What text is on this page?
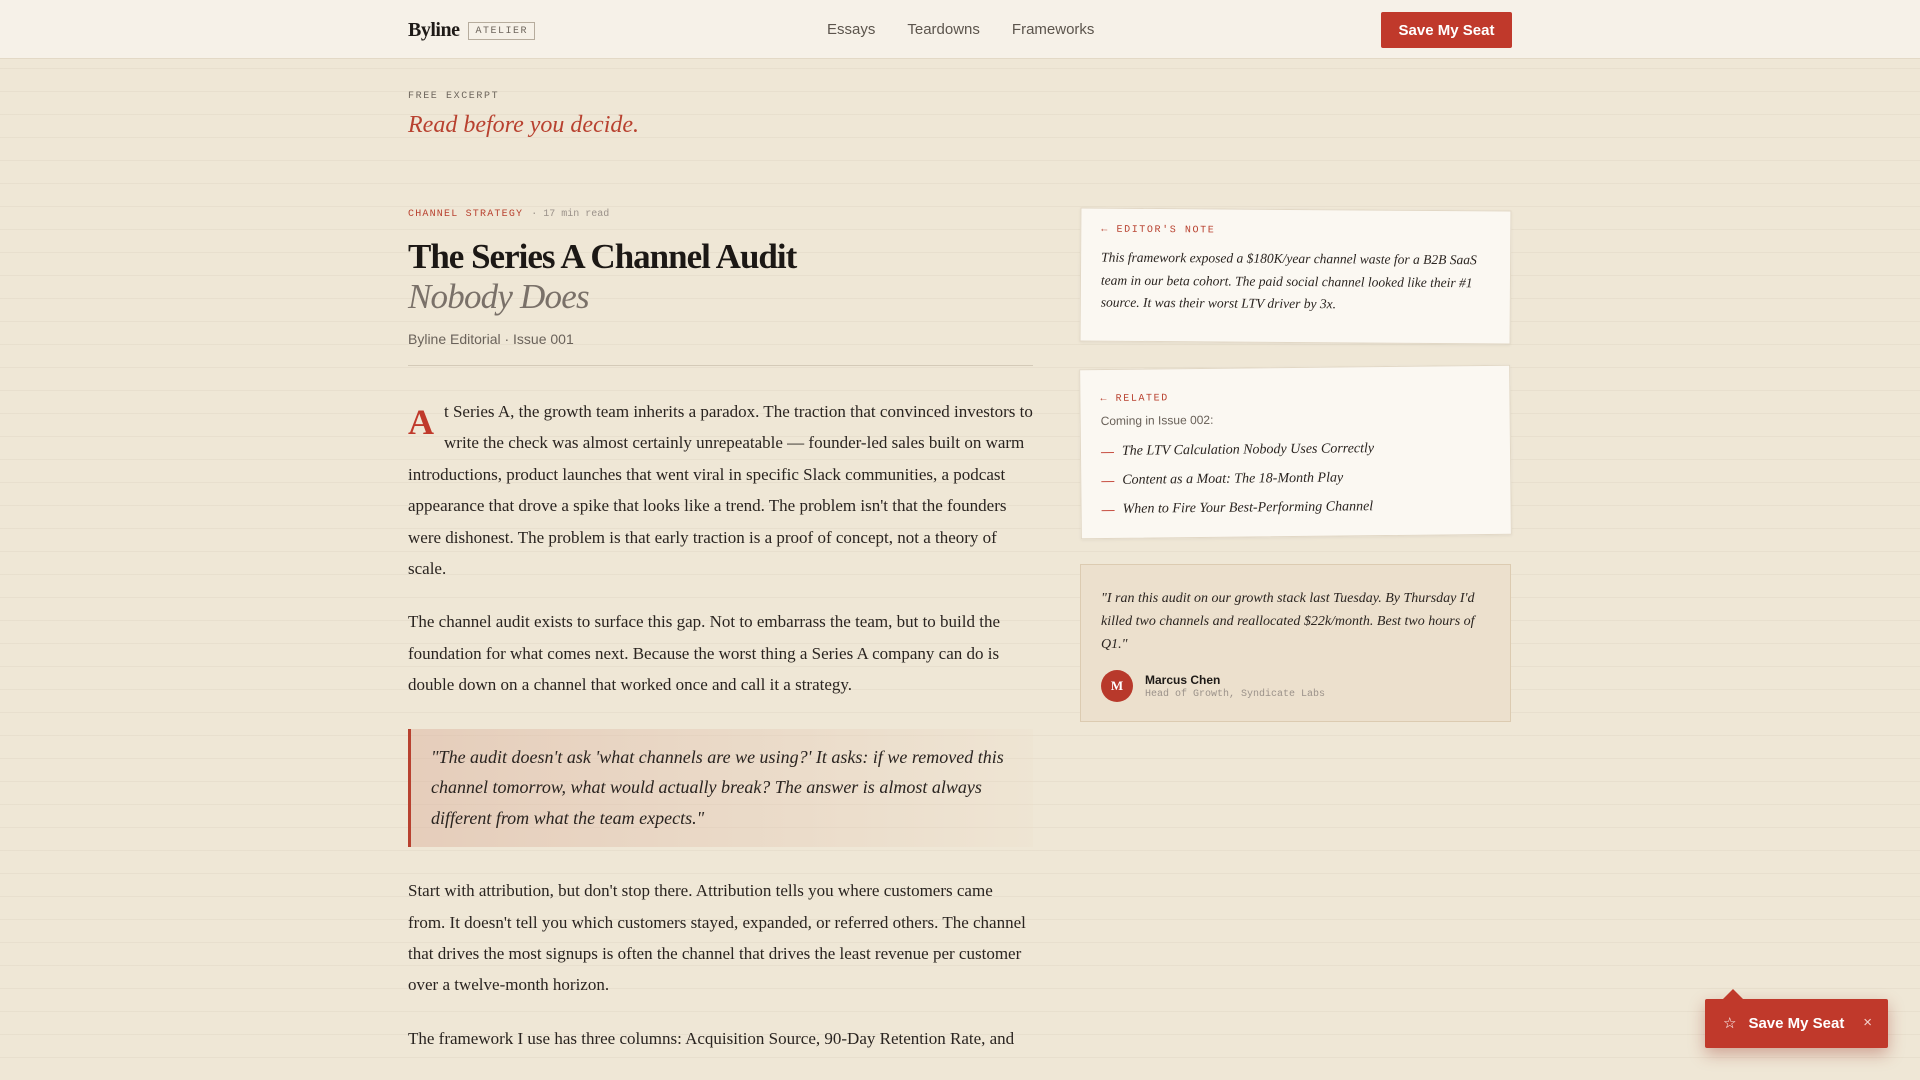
Byline	ATELIER	Essays Teardowns Frameworks	Save My Seat
FREE EXCERPT
Read before you decide.
CHANNEL STRATEGY · 17 min read
The Series A Channel Audit
Nobody Does
Byline Editorial · Issue 001

At Series A, the growth team inherits a paradox. The traction that convinced investors to write the check was almost certainly unrepeatable — founder-led sales built on warm introductions, product launches that went viral in specific Slack communities, a podcast appearance that drove a spike that looks like a trend. The problem isn't that the founders were dishonest. The problem is that early traction is a proof of concept, not a theory of scale.

The channel audit exists to surface this gap. Not to embarrass the team, but to build the foundation for what comes next. Because the worst thing a Series A company can do is double down on a channel that worked once and call it a strategy.

"The audit doesn't ask 'what channels are we using?' It asks: if we removed this channel tomorrow, what would actually break? The answer is almost always different from what the team expects."

Start with attribution, but don't stop there. Attribution tells you where customers came from. It doesn't tell you which customers stayed, expanded, or referred others. The channel that drives the most signups is often the channel that drives the least revenue per customer over a twelve-month horizon.

The framework I use has three columns: Acquisition Source, 90-Day Retention Rate, and

← EDITOR'S NOTE

This framework exposed a $180K/year channel waste for a B2B SaaS team in our beta cohort. The paid social channel looked like their #1 source. It was their worst LTV driver by 3x.

← RELATED
Coming in Issue 002:
— The LTV Calculation Nobody Uses Correctly
— Content as a Moat: The 18-Month Play
— When to Fire Your Best-Performing Channel

"I ran this audit on our growth stack last Tuesday. By Thursday I'd killed two channels and reallocated $22k/month. Best two hours of Q1."

M	Marcus Chen
Head of Growth, Syndicate Labs
☆ Save My Seat ×
